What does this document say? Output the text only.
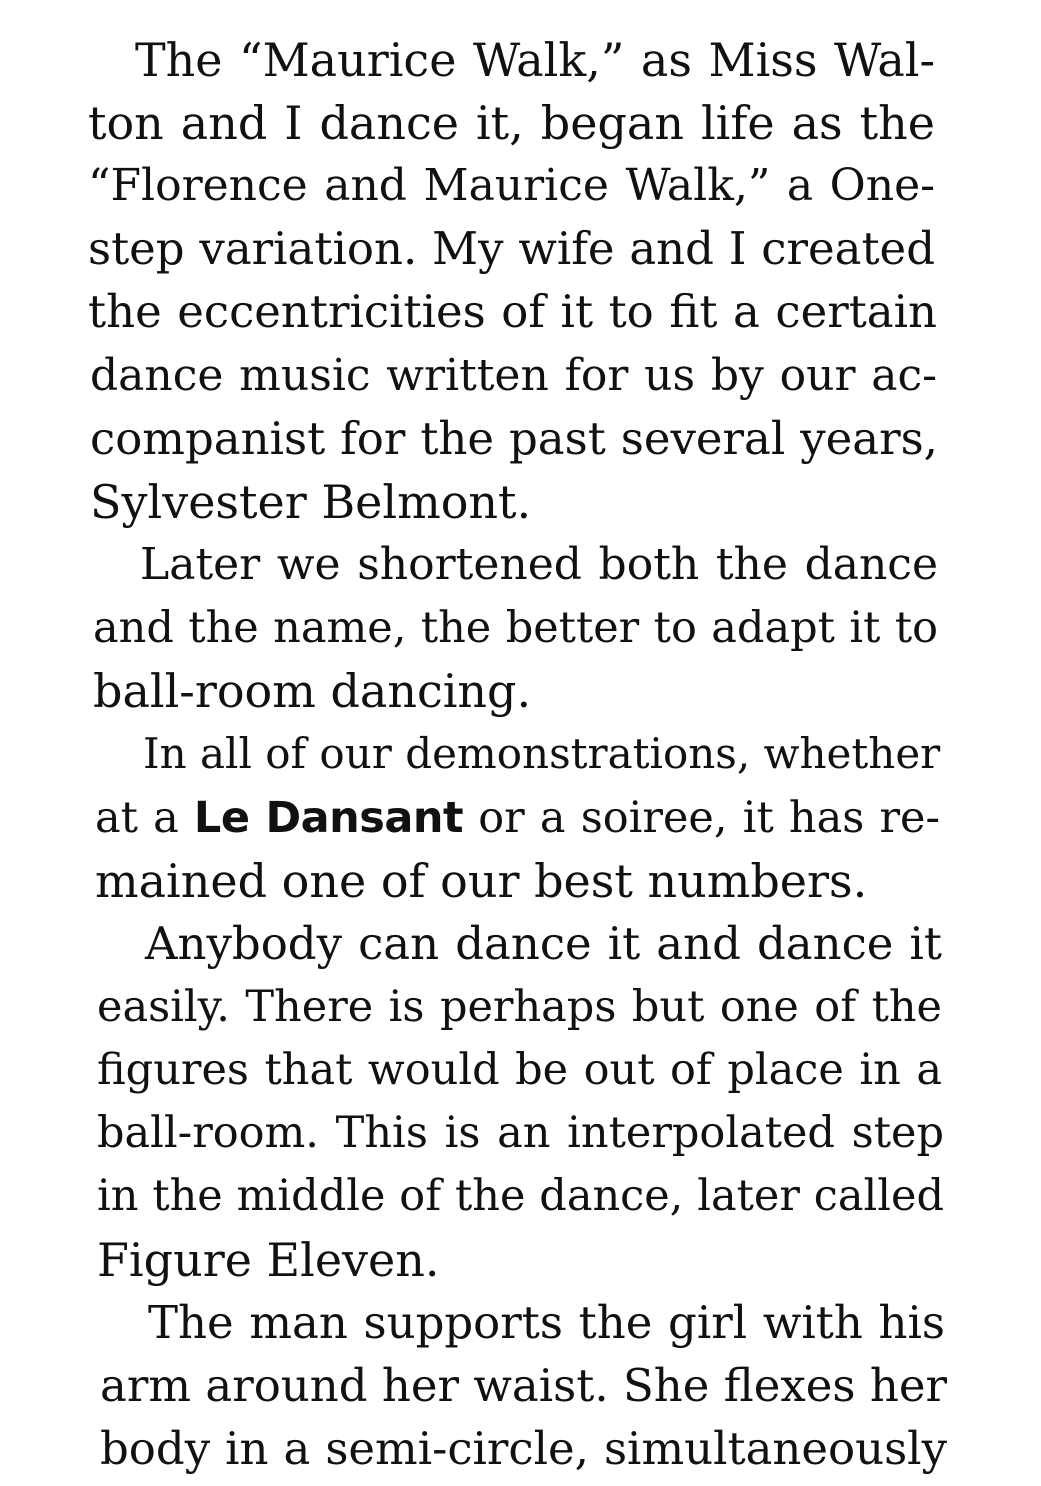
The “Maurice Walk,” as Miss Wal-
ton and I dance it, began life as the
“Florence and Maurice Walk,” a One-
step variation. My wife and I created
the eccentricities of it to fit a certain
dance music written for us by our ac-
companist for the past several years,
Sylvester Belmont.
Later we shortened both the dance
and the name, the better to adapt it to
ball-room dancing.
In all of our demonstrations, whether
at a Le Dansant or a soiree, it has re-
mained one of our best numbers.
Anybody can dance it and dance it
easily. There is perhaps but one of the
figures that would be out of place in a
ball-room. This is an interpolated step
in the middle of the dance, later called
Figure Eleven.
The man supports the girl with his
arm around her waist. She flexes her
body in a semi-circle, simultaneously
